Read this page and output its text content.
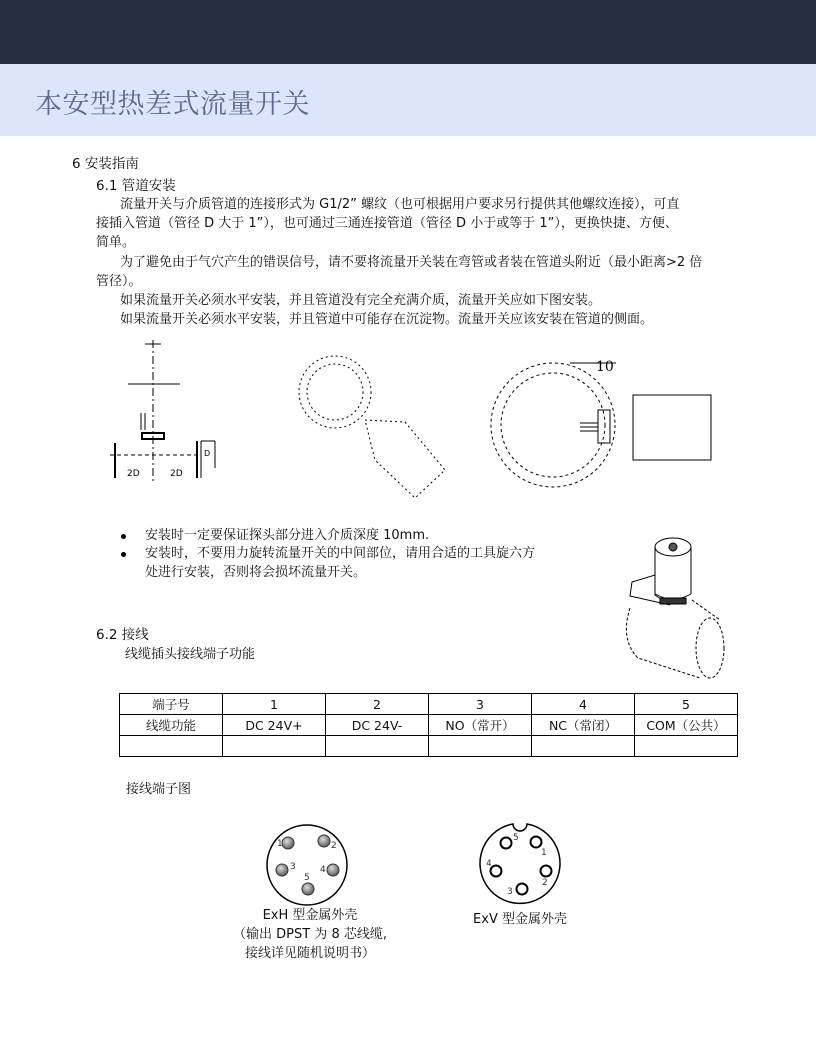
本安型热差式流量开关
6 安装指南
6.1 管道安装
流量开关与介质管道的连接形式为 G1/2” 螺纹（也可根据用户要求另行提供其他螺纹连接），可直
接插入管道（管径 D 大于 1”），也可通过三通连接管道（管径 D 小于或等于 1”），更换快捷、方便、
简单。
为了避免由于气穴产生的错误信号，请不要将流量开关装在弯管或者装在管道头附近（最小距离>2 倍
管径）。
如果流量开关必须水平安装，并且管道没有完全充满介质，流量开关应如下图安装。
如果流量开关必须水平安装，并且管道中可能存在沉淀物。流量开关应该安装在管道的侧面。
2D	2D
D
10
安装时一定要保证探头部分进入介质深度 10mm.
安装时，不要用力旋转流量开关的中间部位，请用合适的工具旋六方
处进行安装，否则将会损坏流量开关。
6.2 接线
线缆插头接线端子功能
端子号	1	2	3	4	5
线缆功能	DC 24V+	DC 24V-	NO（常开）	NC（常闭）	COM（公共）

接线端子图
1	2
3	4
5
ExH 型金属外壳
（输出 DPST 为 8 芯线缆,
接线详见随机说明书）
5
1
4
2
3
ExV 型金属外壳
